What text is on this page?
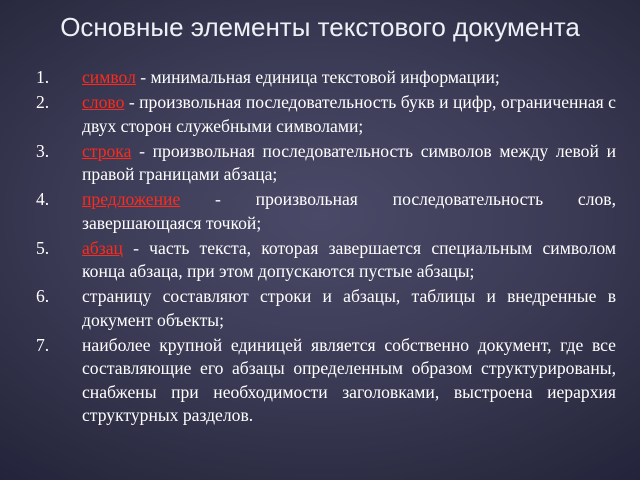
Основные элементы текстового документа
1. символ - минимальная единица текстовой информации;
2. слово - произвольная последовательность букв и цифр, ограниченная с двух сторон служебными символами;
3. строка - произвольная последовательность символов между левой и правой границами абзаца;
4. предложение - произвольная последовательность слов, завершающаяся точкой;
5. абзац - часть текста, которая завершается специальным символом конца абзаца, при этом допускаются пустые абзацы;
6. страницу составляют строки и абзацы, таблицы и внедренные в документ объекты;
7. наиболее крупной единицей является собственно документ, где все составляющие его абзацы определенным образом структурированы, снабжены при необходимости заголовками, выстроена иерархия структурных разделов.
